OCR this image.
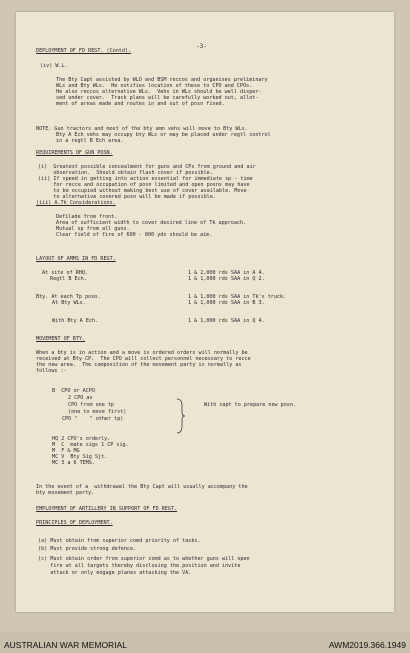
-3-
DEPLOYMENT OF FD REGT. (Contd).
(iv) W.L.
The Bty Capt assisted by WLO and BSM reccos and organises preliminary
WLs and Bty WLs.  He notifies location of these to CPO and CPOs.
He also reccos alternative WLs.  Vehs in WLs should be well disper-
sed under cover.  Track plans will be carefully worked out, allot-
ment of areas made and routes in and out of posn fixed.
NOTE. Gun tractors and most of the bty amn vehs will move to Bty WLs.
Bty A Ech vehs may occupy bty WLs or may be placed under regtl control
in a regtl B Ech area.
REQUIREMENTS OF GUN POSN.
(i)  Greatest possible concealment for guns and CPs from ground and air
observation.  Should obtain flash cover if possible.
(ii) If speed in getting into action essential for immediate sp - time
for recce and occupation of posn limited and open posns may have
to be occupied without making best use of cover available. Move
to alternative covered posn will be made if possible.
(iii) A.Tk Considerations.
Defilade from front.
Area of sufficient width to cover desired line of Tk approach.
Mutual sp from all guns.
Clear field of fire of 600 - 800 yds should be aim.
LAYOUT OF AMMS IN FD REGT.
At site of RHQ.	1 & 2,000 rds SAA in A 4.
Regtl B Ech.	1 & 1,000 rds SAA in Q 2.
Bty. At each Tp posn.	1 & 1,000 rds SAA in Tk's truck.
At Bty WLs.	1 & 1,000 rds SAA in B 3.
With Bty A Ech.	1 & 1,000 rds SAA in Q 4.
MOVEMENT OF BTY.
When a bty is in action and a move is ordered orders will normally be
received at Bty CP.  The CPO will collect personnel necessary to recce
the new area.  The composition of the movement party is normally as
follows :-
B  CPO or ACPO
2 CPO as
CPO from one tp
(one to move first)
CPO "    " other tp)
With capt to prepare new posn.
HQ 2 CPO's orderly.
M  C  mate sigs 1 CP sig.
M  F & MG
MC V  Bty Sig Sjt.
MC 3 a 6 TEMS.
In the event of a  withdrawal the Bty Capt will usually accompany the
bty movement party.
EMPLOYMENT OF ARTILLERY IN SUPPORT OF FD REGT.
PRINCIPLES OF DEPLOYMENT.
(a) Must obtain from superior comd priority of tasks.
(b) Must provide strong defence.
(c) Must obtain order from superior comd as to whether guns will open
fire at all targets thereby disclosing the position and invite
attack or only engage planes attacking the VA.
AUSTRALIAN WAR MEMORIAL	AWM2019.366.1949
